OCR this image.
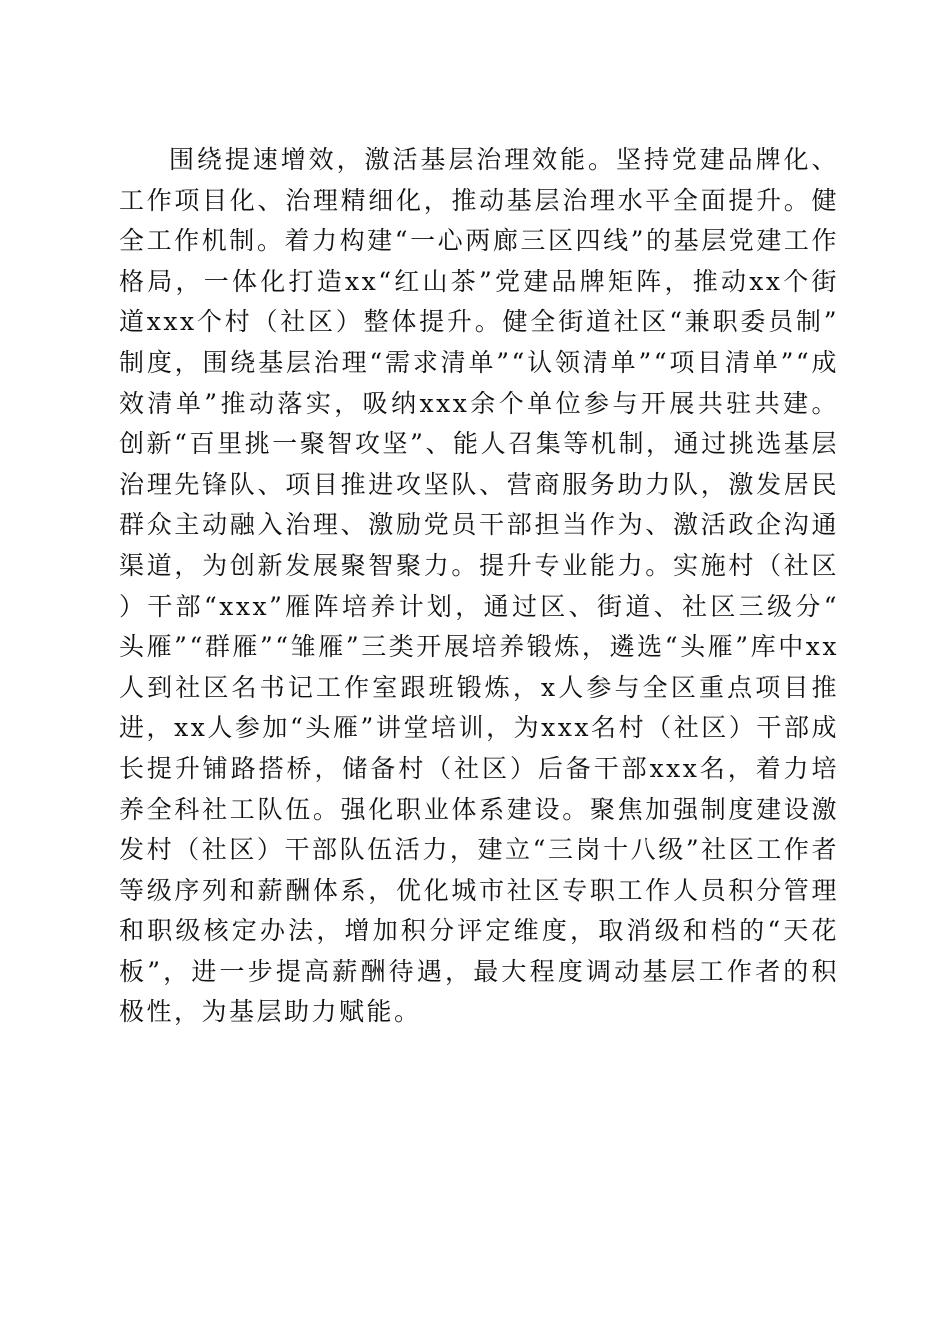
围绕提速增效，激活基层治理效能。坚持党建品牌化、工作项目化、治理精细化，推动基层治理水平全面提升。健全工作机制。着力构建“一心两廊三区四线”的基层党建工作格局，一体化打造xx“红山茶”党建品牌矩阵，推动xx个街道xxx个村（社区）整体提升。健全街道社区“兼职委员制”制度，围绕基层治理“需求清单”“认领清单”“项目清单”“成效清单”推动落实，吸纳xxx余个单位参与开展共驻共建。创新“百里挑一聚智攻坚”、能人召集等机制，通过挑选基层治理先锋队、项目推进攻坚队、营商服务助力队，激发居民群众主动融入治理、激励党员干部担当作为、激活政企沟通渠道，为创新发展聚智聚力。提升专业能力。实施村（社区）干部“xxx”雁阵培养计划，通过区、街道、社区三级分“头雁”“群雁”“雏雁”三类开展培养锻炼，遴选“头雁”库中xx人到社区名书记工作室跟班锻炼，x人参与全区重点项目推进，xx人参加“头雁”讲堂培训，为xxx名村（社区）干部成长提升铺路搭桥，储备村（社区）后备干部xxx名，着力培养全科社工队伍。强化职业体系建设。聚焦加强制度建设激发村（社区）干部队伍活力，建立“三岗十八级”社区工作者等级序列和薪酬体系，优化城市社区专职工作人员积分管理和职级核定办法，增加积分评定维度，取消级和档的“天花板”，进一步提高薪酬待遇，最大程度调动基层工作者的积极性，为基层助力赋能。
